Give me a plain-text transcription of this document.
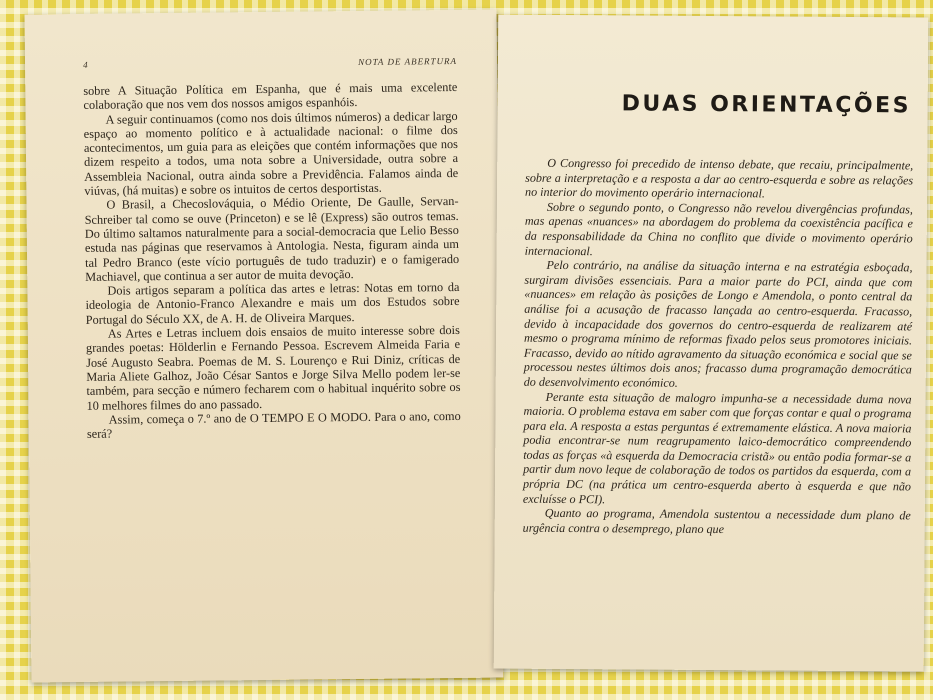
4	NOTA DE ABERTURA

sobre A Situação Política em Espanha, que é mais uma excelente colaboração que nos vem dos nossos amigos espanhóis.

A seguir continuamos (como nos dois últimos números) a dedicar largo espaço ao momento político e à actualidade nacional: o filme dos acontecimentos, um guia para as eleições que contém informações que nos dizem respeito a todos, uma nota sobre a Universidade, outra sobre a Assembleia Nacional, outra ainda sobre a Previdência. Falamos ainda de viúvas, (há muitas) e sobre os intuitos de certos desportistas.

O Brasil, a Checoslováquia, o Médio Oriente, De Gaulle, Servan-Schreiber tal como se ouve (Princeton) e se lê (Express) são outros temas. Do último saltamos naturalmente para a social-democracia que Lelio Besso estuda nas páginas que reservamos à Antologia. Nesta, figuram ainda um tal Pedro Branco (este vício português de tudo traduzir) e o famigerado Machiavel, que continua a ser autor de muita devoção.

Dois artigos separam a política das artes e letras: Notas em torno da ideologia de Antonio-Franco Alexandre e mais um dos Estudos sobre Portugal do Século XX, de A. H. de Oliveira Marques.

As Artes e Letras incluem dois ensaios de muito interesse sobre dois grandes poetas: Hölderlin e Fernando Pessoa. Escrevem Almeida Faria e José Augusto Seabra. Poemas de M. S. Lourenço e Rui Diniz, críticas de Maria Aliete Galhoz, João César Santos e Jorge Silva Mello podem ler-se também, para secção e número fecharem com o habitual inquérito sobre os 10 melhores filmes do ano passado.

Assim, começa o 7.º ano de O TEMPO E O MODO. Para o ano, como será?

DUAS ORIENTAÇÕES

O Congresso foi precedido de intenso debate, que recaiu, principalmente, sobre a interpretação e a resposta a dar ao centro-esquerda e sobre as relações no interior do movimento operário internacional.

Sobre o segundo ponto, o Congresso não revelou divergências profundas, mas apenas «nuances» na abordagem do problema da coexistência pacífica e da responsabilidade da China no conflito que divide o movimento operário internacional.

Pelo contrário, na análise da situação interna e na estratégia esboçada, surgiram divisões essenciais. Para a maior parte do PCI, ainda que com «nuances» em relação às posições de Longo e Amendola, o ponto central da análise foi a acusação de fracasso lançada ao centro-esquerda. Fracasso, devido à incapacidade dos governos do centro-esquerda de realizarem até mesmo o programa mínimo de reformas fixado pelos seus promotores iniciais. Fracasso, devido ao nítido agravamento da situação económica e social que se processou nestes últimos dois anos; fracasso duma programação democrática do desenvolvimento económico.

Perante esta situação de malogro impunha-se a necessidade duma nova maioria. O problema estava em saber com que forças contar e qual o programa para ela. A resposta a estas perguntas é extremamente elástica. A nova maioria podia encontrar-se num reagrupamento laico-democrático compreendendo todas as forças «à esquerda da Democracia cristã» ou então podia formar-se a partir dum novo leque de colaboração de todos os partidos da esquerda, com a própria DC (na prática um centro-esquerda aberto à esquerda e que não excluísse o PCI).

Quanto ao programa, Amendola sustentou a necessidade dum plano de urgência contra o desemprego, plano que
